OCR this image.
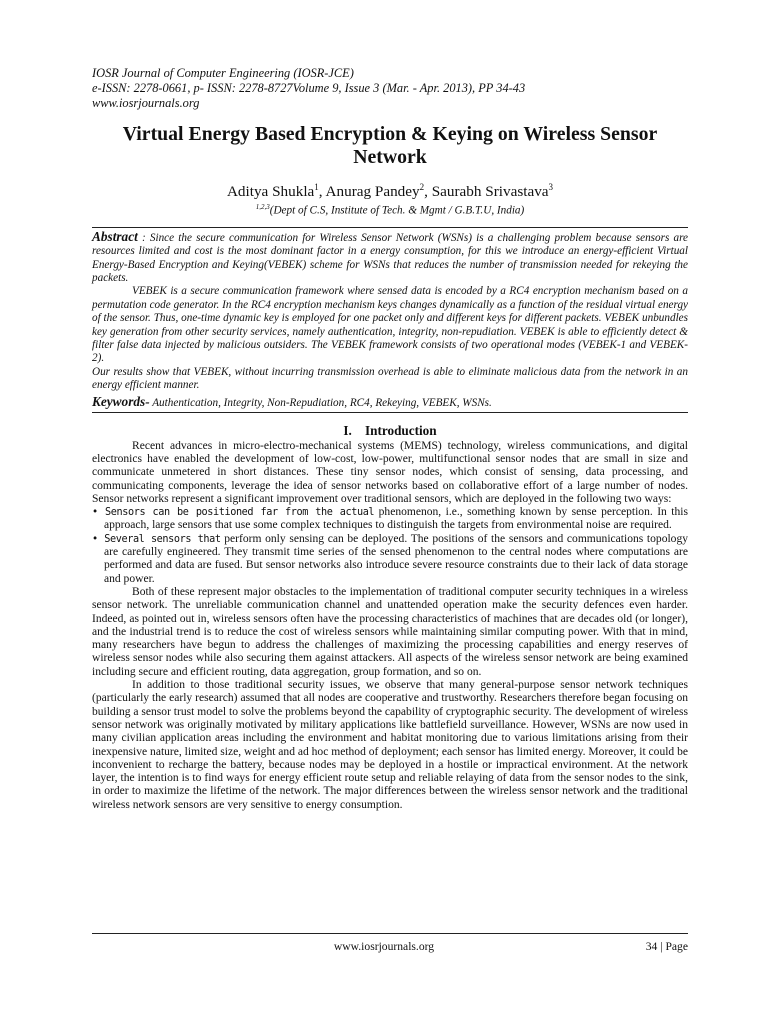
IOSR Journal of Computer Engineering (IOSR-JCE)
e-ISSN: 2278-0661, p- ISSN: 2278-8727Volume 9, Issue 3 (Mar. - Apr. 2013), PP 34-43
www.iosrjournals.org
Virtual Energy Based Encryption & Keying on Wireless Sensor Network
Aditya Shukla$^1$, Anurag Pandey$^2$, Saurabh Srivastava$^3$
$^{1,2,3}$(Dept of C.S, Institute of Tech. & Mgmt / G.B.T.U, India)

Abstract : Since the secure communication for Wireless Sensor Network (WSNs) is a challenging problem because sensors are resources limited and cost is the most dominant factor in a energy consumption, for this we introduce an energy-efficient Virtual Energy-Based Encryption and Keying(VEBEK) scheme for WSNs that reduces the number of transmission needed for rekeying the packets.

VEBEK is a secure communication framework where sensed data is encoded by a RC4 encryption mechanism based on a permutation code generator. In the RC4 encryption mechanism keys changes dynamically as a function of the residual virtual energy of the sensor. Thus, one-time dynamic key is employed for one packet only and different keys for different packets. VEBEK unbundles key generation from other security services, namely authentication, integrity, non-repudiation. VEBEK is able to efficiently detect & filter false data injected by malicious outsiders. The VEBEK framework consists of two operational modes (VEBEK-1 and VEBEK-2).

Our results show that VEBEK, without incurring transmission overhead is able to eliminate malicious data from the network in an energy efficient manner.

Keywords- Authentication, Integrity, Non-Repudiation, RC4, Rekeying, VEBEK, WSNs.
I. Introduction

Recent advances in micro-electro-mechanical systems (MEMS) technology, wireless communications, and digital electronics have enabled the development of low-cost, low-power, multifunctional sensor nodes that are small in size and communicate unmetered in short distances. These tiny sensor nodes, which consist of sensing, data processing, and communicating components, leverage the idea of sensor networks based on collaborative effort of a large number of nodes. Sensor networks represent a significant improvement over traditional sensors, which are deployed in the following two ways:

• Sensors can be positioned far from the actual phenomenon, i.e., something known by sense perception. In this approach, large sensors that use some complex techniques to distinguish the targets from environmental noise are required.

• Several sensors that perform only sensing can be deployed. The positions of the sensors and communications topology are carefully engineered. They transmit time series of the sensed phenomenon to the central nodes where computations are performed and data are fused. But sensor networks also introduce severe resource constraints due to their lack of data storage and power.

Both of these represent major obstacles to the implementation of traditional computer security techniques in a wireless sensor network. The unreliable communication channel and unattended operation make the security defences even harder. Indeed, as pointed out in, wireless sensors often have the processing characteristics of machines that are decades old (or longer), and the industrial trend is to reduce the cost of wireless sensors while maintaining similar computing power. With that in mind, many researchers have begun to address the challenges of maximizing the processing capabilities and energy reserves of wireless sensor nodes while also securing them against attackers. All aspects of the wireless sensor network are being examined including secure and efficient routing, data aggregation, group formation, and so on.

In addition to those traditional security issues, we observe that many general-purpose sensor network techniques (particularly the early research) assumed that all nodes are cooperative and trustworthy. Researchers therefore began focusing on building a sensor trust model to solve the problems beyond the capability of cryptographic security. The development of wireless sensor network was originally motivated by military applications like battlefield surveillance. However, WSNs are now used in many civilian application areas including the environment and habitat monitoring due to various limitations arising from their inexpensive nature, limited size, weight and ad hoc method of deployment; each sensor has limited energy. Moreover, it could be inconvenient to recharge the battery, because nodes may be deployed in a hostile or impractical environment. At the network layer, the intention is to find ways for energy efficient route setup and reliable relaying of data from the sensor nodes to the sink, in order to maximize the lifetime of the network. The major differences between the wireless sensor network and the traditional wireless network sensors are very sensitive to energy consumption.

www.iosrjournals.org	34 | Page
